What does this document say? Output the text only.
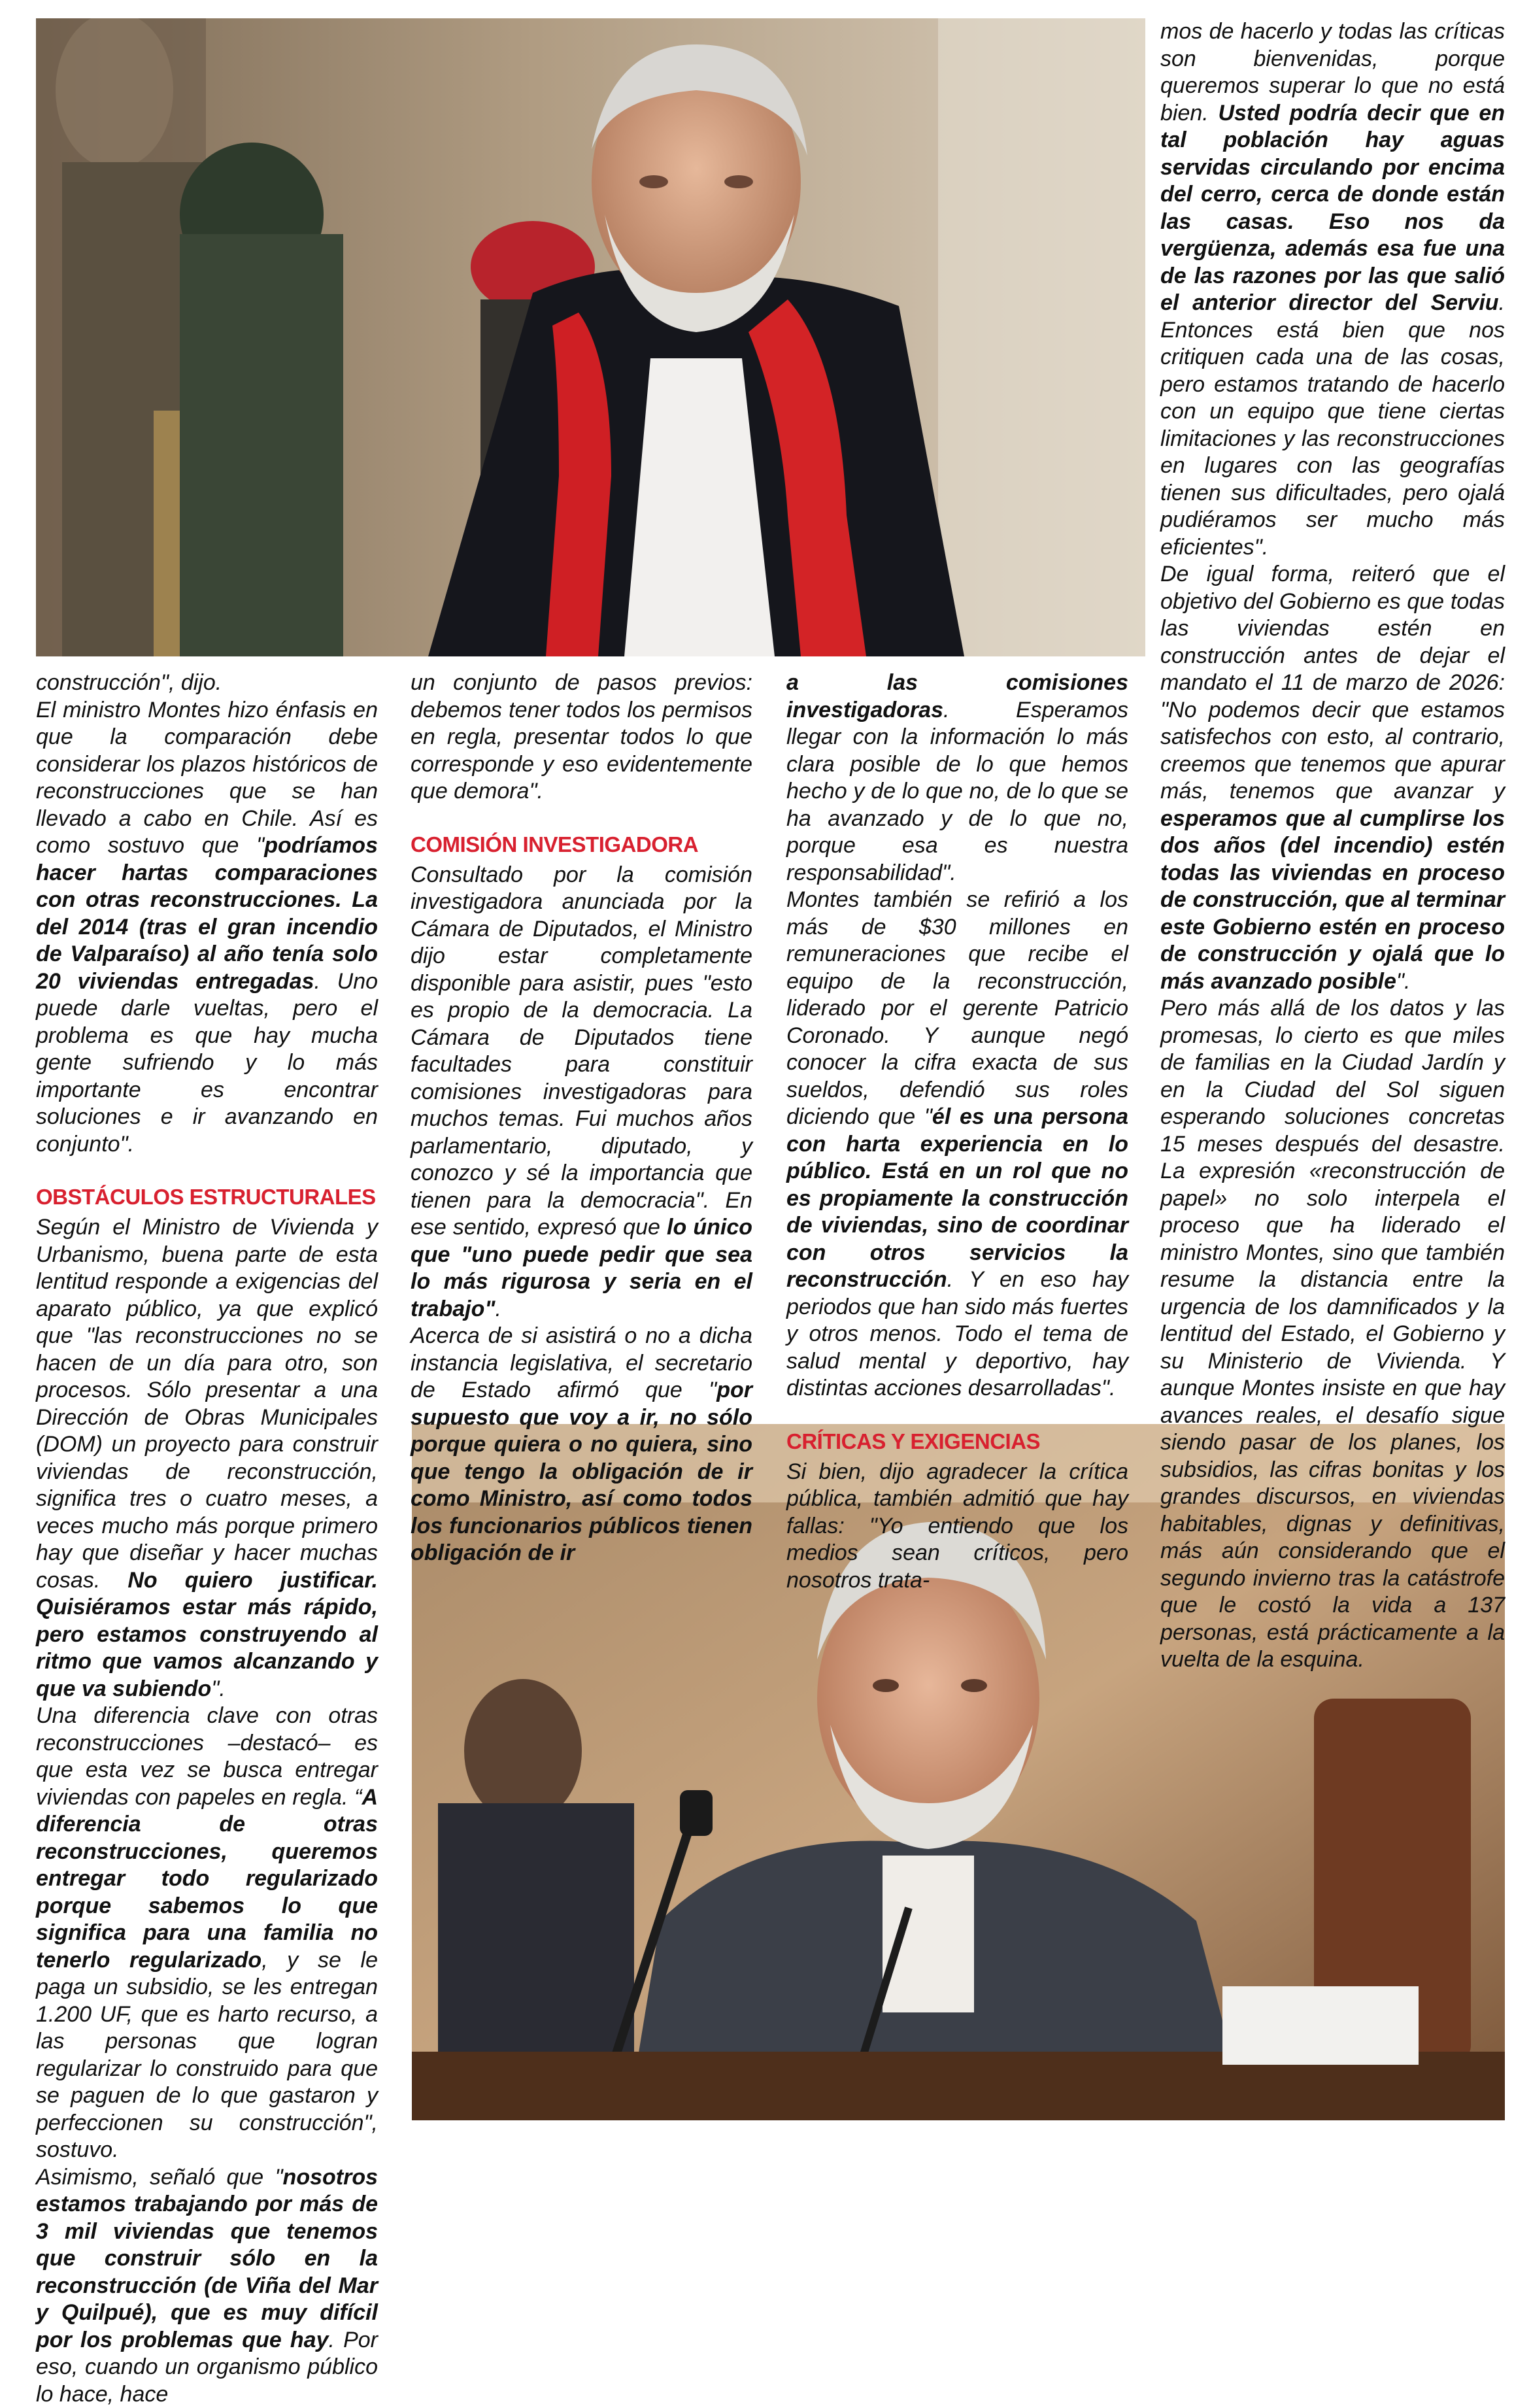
construcción", dijo.

El ministro Montes hizo énfasis en que la comparación debe considerar los plazos históricos de reconstrucciones que se han llevado a cabo en Chile. Así es como sostuvo que "podríamos hacer hartas comparaciones con otras reconstrucciones. La del 2014 (tras el gran incendio de Valparaíso) al año tenía solo 20 viviendas entregadas. Uno puede darle vueltas, pero el problema es que hay mucha gente sufriendo y lo más importante es encontrar soluciones e ir avanzando en conjunto".

OBSTÁCULOS ESTRUCTURALES

Según el Ministro de Vivienda y Urbanismo, buena parte de esta lentitud responde a exigencias del aparato público, ya que explicó que "las reconstrucciones no se hacen de un día para otro, son procesos. Sólo presentar a una Dirección de Obras Municipales (DOM) un proyecto para construir viviendas de reconstrucción, significa tres o cuatro meses, a veces mucho más porque primero hay que diseñar y hacer muchas cosas. No quiero justificar. Quisiéramos estar más rápido, pero estamos construyendo al ritmo que vamos alcanzando y que va subiendo".

Una diferencia clave con otras reconstrucciones –destacó– es que esta vez se busca entregar viviendas con papeles en regla. “A diferencia de otras reconstrucciones, queremos entregar todo regularizado porque sabemos lo que significa para una familia no tenerlo regularizado, y se le paga un subsidio, se les entregan 1.200 UF, que es harto recurso, a las personas que logran regularizar lo construido para que se paguen de lo que gastaron y perfeccionen su construcción", sostuvo.

Asimismo, señaló que "nosotros estamos trabajando por más de 3 mil viviendas que tenemos que construir sólo en la reconstrucción (de Viña del Mar y Quilpué), que es muy difícil por los problemas que hay. Por eso, cuando un organismo público lo hace, hace

un conjunto de pasos previos: debemos tener todos los permisos en regla, presentar todos lo que corresponde y eso evidentemente que demora".

COMISIÓN INVESTIGADORA

Consultado por la comisión investigadora anunciada por la Cámara de Diputados, el Ministro dijo estar completamente disponible para asistir, pues "esto es propio de la democracia. La Cámara de Diputados tiene facultades para constituir comisiones investigadoras para muchos temas. Fui muchos años parlamentario, diputado, y conozco y sé la importancia que tienen para la democracia". En ese sentido, expresó que lo único que "uno puede pedir que sea lo más rigurosa y seria en el trabajo".

Acerca de si asistirá o no a dicha instancia legislativa, el secretario de Estado afirmó que "por supuesto que voy a ir, no sólo porque quiera o no quiera, sino que tengo la obligación de ir como Ministro, así como todos los funcionarios públicos tienen obligación de ir

a las comisiones investigadoras. Esperamos llegar con la información lo más clara posible de lo que hemos hecho y de lo que no, de lo que se ha avanzado y de lo que no, porque esa es nuestra responsabilidad".

Montes también se refirió a los más de $30 millones en remuneraciones que recibe el equipo de la reconstrucción, liderado por el gerente Patricio Coronado. Y aunque negó conocer la cifra exacta de sus sueldos, defendió sus roles diciendo que "él es una persona con harta experiencia en lo público. Está en un rol que no es propiamente la construcción de viviendas, sino de coordinar con otros servicios la reconstrucción. Y en eso hay periodos que han sido más fuertes y otros menos. Todo el tema de salud mental y deportivo, hay distintas acciones desarrolladas".

CRÍTICAS Y EXIGENCIAS

Si bien, dijo agradecer la crítica pública, también admitió que hay fallas: "Yo entiendo que los medios sean críticos, pero nosotros trata-

mos de hacerlo y todas las críticas son bienvenidas, porque queremos superar lo que no está bien. Usted podría decir que en tal población hay aguas servidas circulando por encima del cerro, cerca de donde están las casas. Eso nos da vergüenza, además esa fue una de las razones por las que salió el anterior director del Serviu. Entonces está bien que nos critiquen cada una de las cosas, pero estamos tratando de hacerlo con un equipo que tiene ciertas limitaciones y las reconstrucciones en lugares con las geografías tienen sus dificultades, pero ojalá pudiéramos ser mucho más eficientes".

De igual forma, reiteró que el objetivo del Gobierno es que todas las viviendas estén en construcción antes de dejar el mandato el 11 de marzo de 2026: "No podemos decir que estamos satisfechos con esto, al contrario, creemos que tenemos que apurar más, tenemos que avanzar y esperamos que al cumplirse los dos años (del incendio) estén todas las viviendas en proceso de construcción, que al terminar este Gobierno estén en proceso de construcción y ojalá que lo más avanzado posible".

Pero más allá de los datos y las promesas, lo cierto es que miles de familias en la Ciudad Jardín y en la Ciudad del Sol siguen esperando soluciones concretas 15 meses después del desastre. La expresión «reconstrucción de papel» no solo interpela el proceso que ha liderado el ministro Montes, sino que también resume la distancia entre la urgencia de los damnificados y la lentitud del Estado, el Gobierno y su Ministerio de Vivienda. Y aunque Montes insiste en que hay avances reales, el desafío sigue siendo pasar de los planes, los subsidios, las cifras bonitas y los grandes discursos, en viviendas habitables, dignas y definitivas, más aún considerando que el segundo invierno tras la catástrofe que le costó la vida a 137 personas, está prácticamente a la vuelta de la esquina.
